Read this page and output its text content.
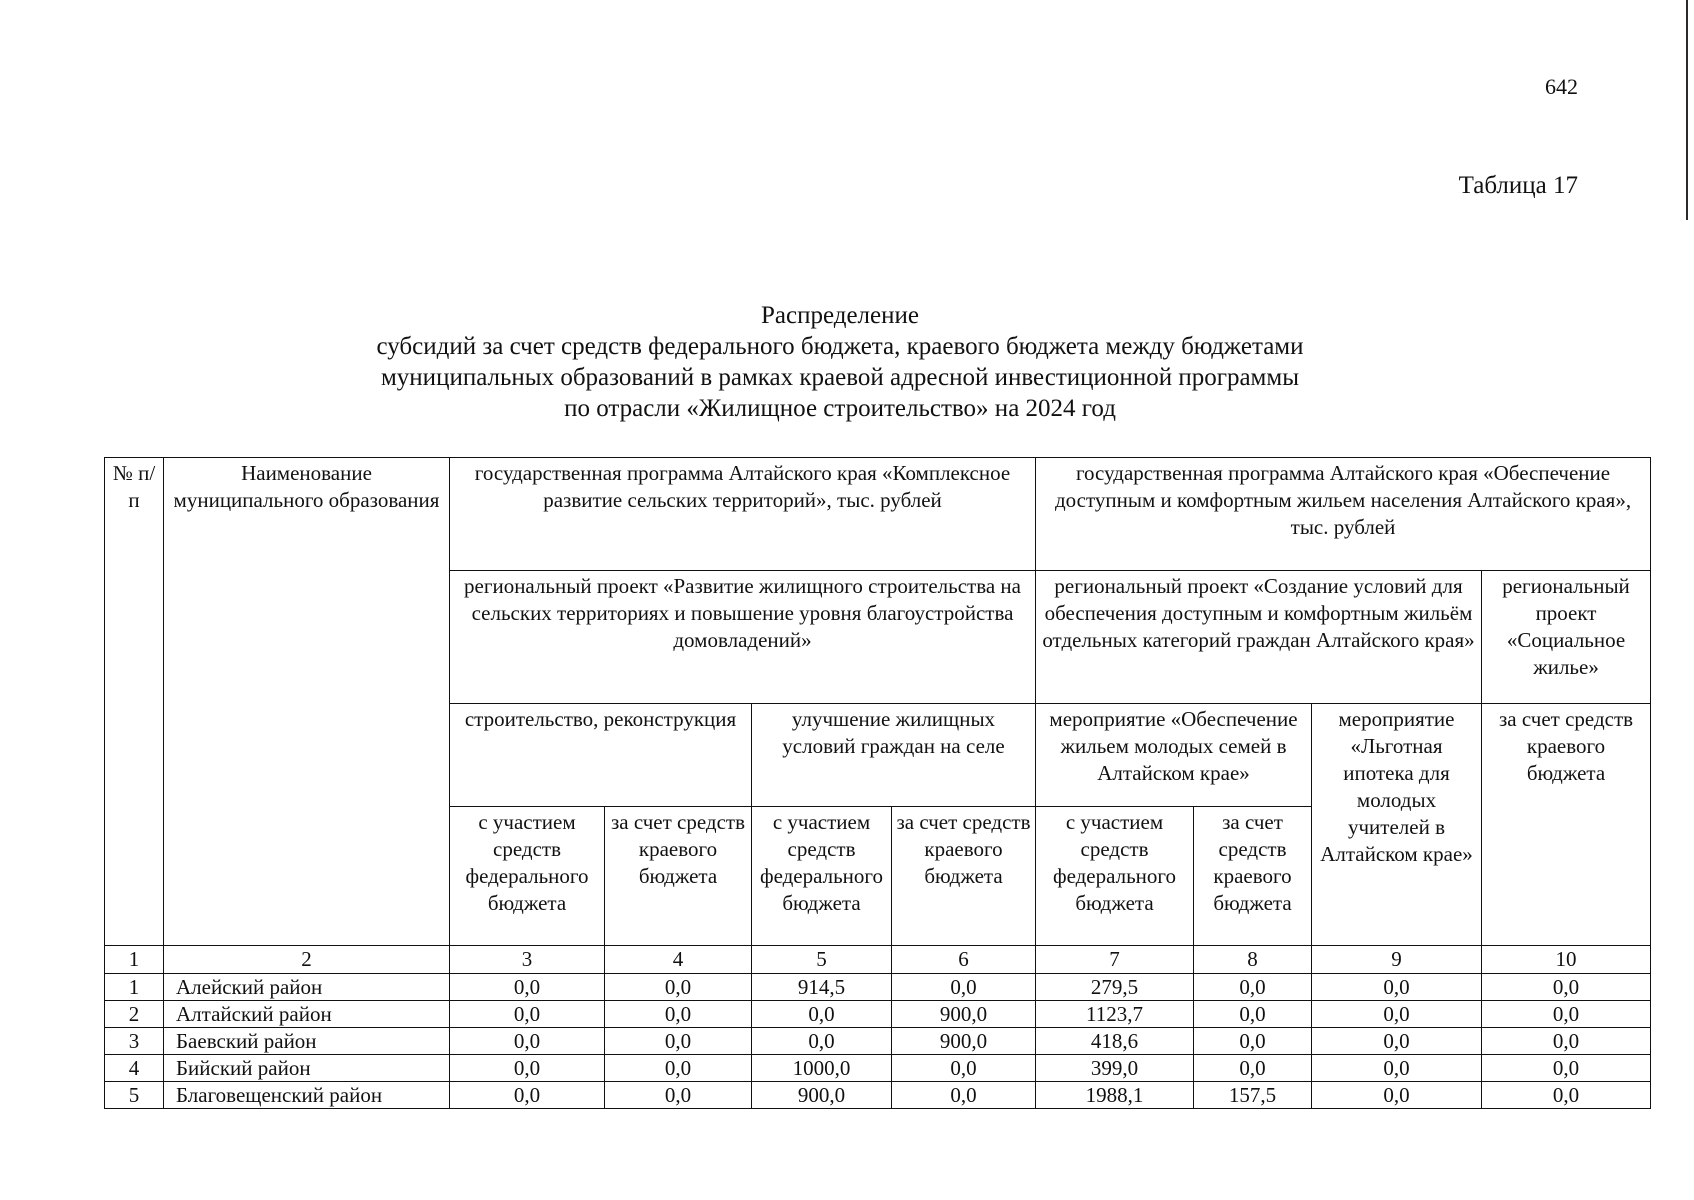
642
Таблица 17
Распределение
субсидий за счет средств федерального бюджета, краевого бюджета между бюджетами
муниципальных образований в рамках краевой адресной инвестиционной программы
по отрасли «Жилищное строительство» на 2024 год
№ п/п	Наименование муниципального образования	государственная программа Алтайского края «Комплексное развитие сельских территорий», тыс. рублей				государственная программа Алтайского края «Обеспечение доступным и комфортным жильем населения Алтайского края», тыс. рублей			
		региональный проект «Развитие жилищного строительства на сельских территориях и повышение уровня благоустройства домовладений»				региональный проект «Создание условий для обеспечения доступным и комфортным жильём отдельных категорий граждан Алтайского края»			региональный проект «Социальное жилье»
		строительство, реконструкция		улучшение жилищных условий граждан на селе		мероприятие «Обеспечение жильем молодых семей в Алтайском крае»		мероприятие «Льготная ипотека для молодых учителей в Алтайском крае»	за счет средств краевого бюджета
		с участием средств федерального бюджета	за счет средств краевого бюджета	с участием средств федерального бюджета	за счет средств краевого бюджета	с участием средств федерального бюджета	за счет средств краевого бюджета		
1	2	3	4	5	6	7	8	9	10
1	Алейский район	0,0	0,0	914,5	0,0	279,5	0,0	0,0	0,0
2	Алтайский район	0,0	0,0	0,0	900,0	1123,7	0,0	0,0	0,0
3	Баевский район	0,0	0,0	0,0	900,0	418,6	0,0	0,0	0,0
4	Бийский район	0,0	0,0	1000,0	0,0	399,0	0,0	0,0	0,0
5	Благовещенский район	0,0	0,0	900,0	0,0	1988,1	157,5	0,0	0,0
